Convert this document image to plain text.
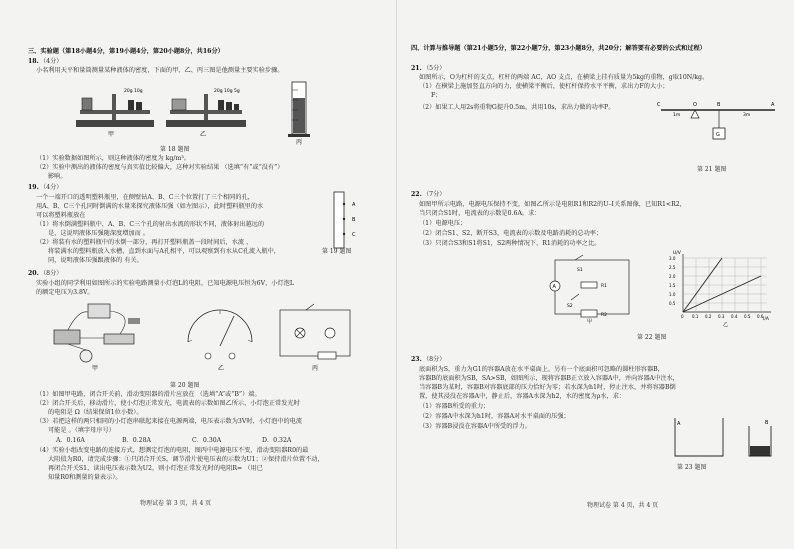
三、实验题（第18小题4分，第19小题4分，第20小题8分，共16分）
18. （4分）
小名利用天平和量筒测量某种液体的密度，下面的甲、乙、丙三图是他测量主要实验步骤。
甲	乙
丙
20g 10g	20g 10g 5g
第 18 题图
（1）实验数据如图所示，则这种液体的密度为 kg/m³。
（2）实验中测出的液体的密度与真实值比较偏大，这种对实验结果 （选填“有”或“没有”）
影响。
19. （4分）
一个一端开口的透明塑料瓶里，在侧壁钻A、B、C三个位置打了三个相同的孔，
用A、B、C三个孔同时倒满的水量来探究液体压强（如左图示），此时塑料瓶里的水
可以将塑料瓶放在
（1）将水倒满塑料瓶中，A、B、C三个孔的射出水流的形状不同，液体射出越远的
是，这说明液体压强随深度增加而 。
（2）将装有水的塑料瓶中的水倒一部分，再打开塑料瓶盖一段时间后，水流 ，
将装满水的塑料瓶放入水槽，直到水面与A孔相平，可以观察到有水从C孔流入瓶中，
同，说明液体压强跟液体的 有关。
A
B
C
第 19 题图
20. （8分）
实验小组的同学利用如图所示的实验电路测量小灯泡L的电阻，已知电源电压恒为6V，小灯泡L
的额定电压为3.8V。
甲	乙	丙
第 20 题图
（1）如图甲电路，闭合开关前，滑动变阻器的滑片应放在 （选填“A”或“B”）端。
（2）闭合开关后，移动滑片，使小灯泡正常发光，电流表的示数如图乙所示，小灯泡正常发光时
的电阻是 Ω（结果保留1位小数）。
（3）若把这样的两只相同的小灯泡串联起来接在电源两端，电压表示数为3V时，小灯泡中的电流
可能是 。（填字母序号）
A．0.16A	B．0.28A	C．0.30A	D．0.32A
（4）实验小组改变电路的连接方式，想测定灯泡的电阻，图丙中电源电压不变，滑动变阻器R0的最
大阻值为R0，请完成步骤：①只闭合开关S，调节滑片使电压表的示数为U1；②保持滑片位置不动，
再闭合开关S1，读出电压表示数为U2，则小灯泡正常发光时的电阻R= （用已
知量R0和测量的量表示）。
物理试卷 第 3 页，共 4 页
四、计算与推导题（第21小题5分，第22小题7分，第23小题8分，共20分；解答要有必要的公式和过程）
21. （5分）
如图所示，O为杠杆的支点，杠杆的两端 AC，AO 支点，在横梁上挂有质量为5kg的重物，g取10N/kg。
（1）在横梁上施加竖直方向的力，使横梁平衡后，使杠杆保持水平平衡，求出力F的大小；
F；
（2）如果工人用2s将重物G提升0.5m，共用10s，求出力做的功率P。	C	O	B	A
1m	3m
G
第 21 题图
22. （7分）
如图甲所示电路，电源电压保持不变，如图乙所示是电阻R1和R2的U–I关系图像，已知R1<R2，
当只闭合S1时，电流表的示数是0.6A。求：
（1）电源电压；
（2）闭合S1、S2，断开S3，电流表的示数及电路消耗的总功率；
（3）只闭合S3和S1将S1，S2两种情况下，R1消耗的功率之比。
A
S1
S2
R1
R2
甲
U/V
I/A
3.0
2.5
2.0
1.5
1.0
0.5
0 0.1 0.2 0.3 0.4 0.5 0.6
乙
第 22 题图
23. （8分）
底面积为S，重力为G1的容器A放在水平桌面上，另有一个底面积可忽略的圆柱形容器B，
容器B的底面积为SB，SA>SB，如图所示，现将容器B正立放入容器A中，并向容器A中注水，
当容器B为某时，容器B对容器底部的压力恰好为零；若水深为h1时，停止注水，并将容器B倒
置，使其浸没在容器A中，静止后，容器A水深为h2，水的密度为ρ水，求：
（1）容器B所受的重力；
（2）容器A中水深为h1时，容器A对水平桌面的压强；
（3）容器B浸没在容器A中所受的浮力。	A	B
第 23 题图
物理试卷 第 4 页，共 4 页
